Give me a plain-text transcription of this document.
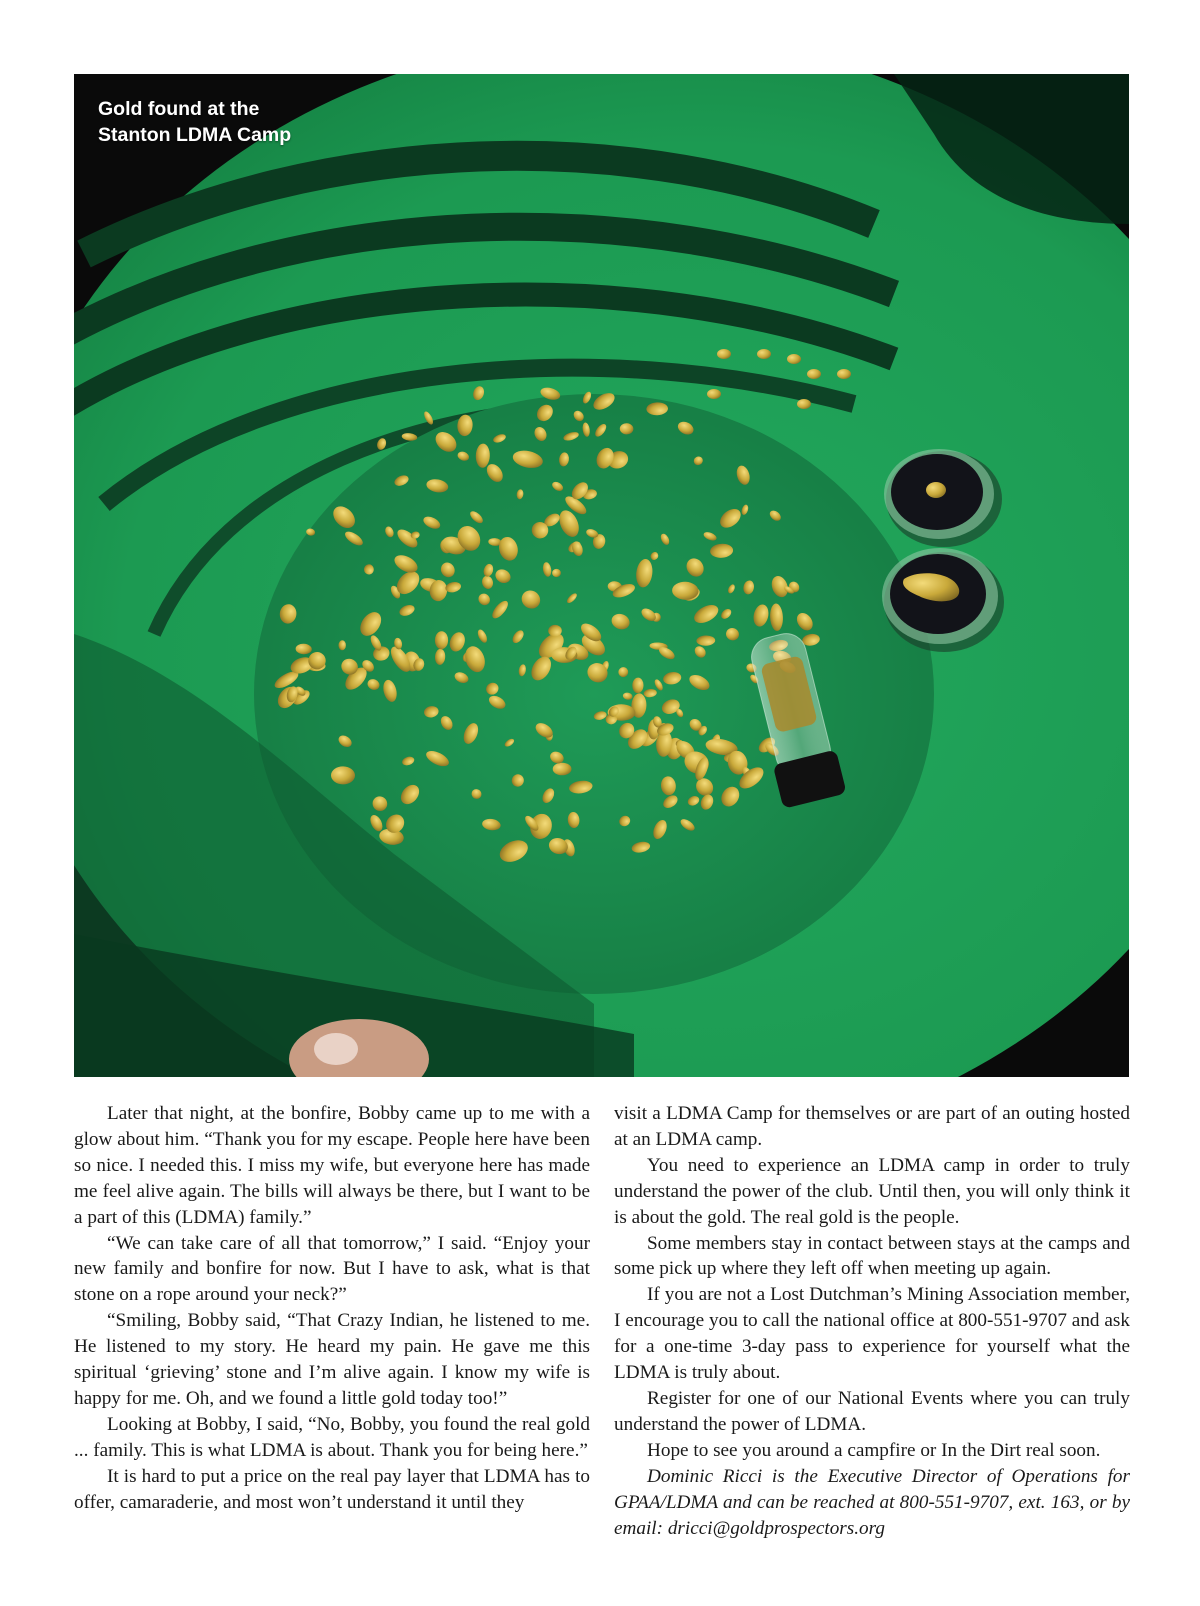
Gold found at the
Stanton LDMA Camp

Later that night, at the bonfire, Bobby came up to me with a glow about him. “Thank you for my escape. People here have been so nice. I needed this. I miss my wife, but everyone here has made me feel alive again. The bills will always be there, but I want to be a part of this (LDMA) family.”

“We can take care of all that tomorrow,” I said. “Enjoy your new family and bonfire for now. But I have to ask, what is that stone on a rope around your neck?”

“Smiling, Bobby said, “That Crazy Indian, he listened to me. He listened to my story. He heard my pain. He gave me this spiritual ‘grieving’ stone and I’m alive again. I know my wife is happy for me. Oh, and we found a little gold today too!”

Looking at Bobby, I said, “No, Bobby, you found the real gold ... family. This is what LDMA is about. Thank you for being here.”

It is hard to put a price on the real pay layer that LDMA has to offer, camaraderie, and most won’t understand it until they

visit a LDMA Camp for themselves or are part of an outing hosted at an LDMA camp.

You need to experience an LDMA camp in order to truly understand the power of the club. Until then, you will only think it is about the gold. The real gold is the people.

Some members stay in contact between stays at the camps and some pick up where they left off when meeting up again.

If you are not a Lost Dutchman’s Mining Association member, I encourage you to call the national office at 800-551-9707 and ask for a one-time 3-day pass to experience for yourself what the LDMA is truly about.

Register for one of our National Events where you can truly understand the power of LDMA.

Hope to see you around a campfire or In the Dirt real soon.

Dominic Ricci is the Executive Director of Operations for GPAA/LDMA and can be reached at 800-551-9707, ext. 163, or by email: dricci@goldprospectors.org
